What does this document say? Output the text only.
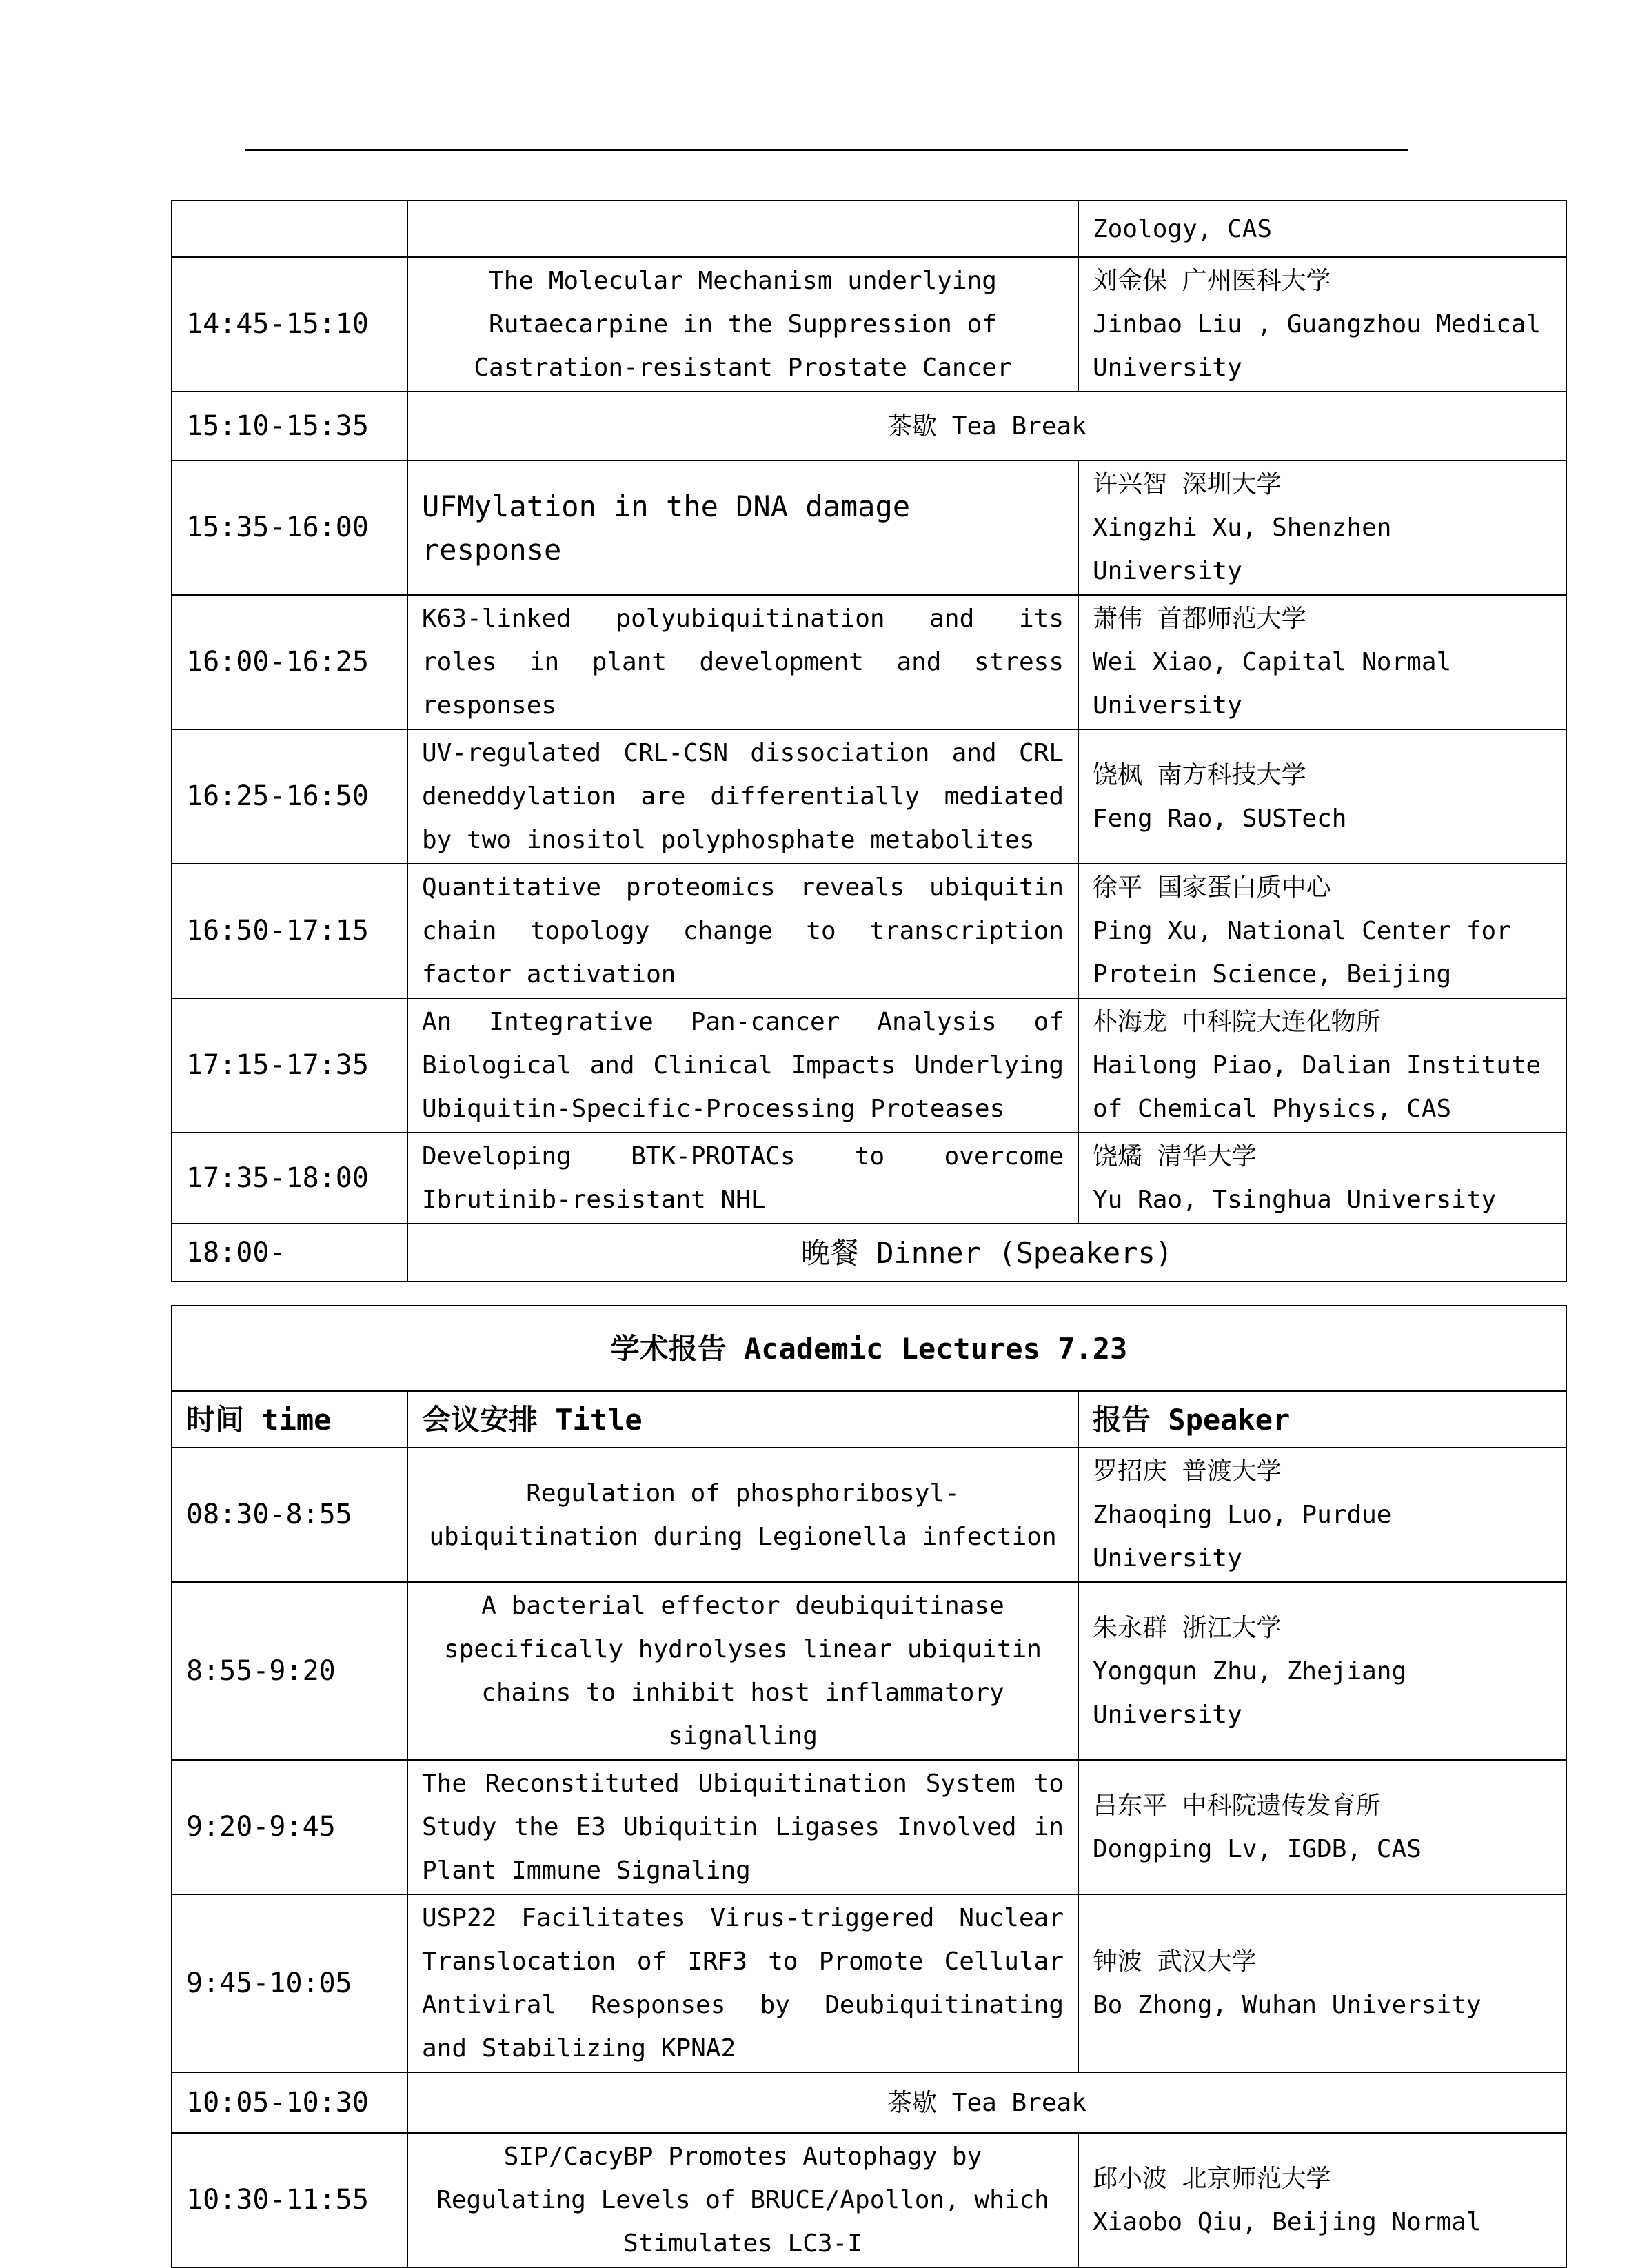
		Zoology, CAS

14:45-15:10	The Molecular Mechanism underlying Rutaecarpine in the Suppression of Castration-resistant Prostate Cancer	刘金保 广州医科大学
Jinbao Liu , Guangzhou Medical University

15:10-15:35	茶歇 Tea Break	
15:35-16:00	UFMylation in the DNA damage response	许兴智 深圳大学
Xingzhi Xu, Shenzhen University

16:00-16:25	K63-linked polyubiquitination and its roles in plant development and stress responses	萧伟 首都师范大学
Wei Xiao, Capital Normal University

16:25-16:50	UV-regulated CRL-CSN dissociation and CRL deneddylation are differentially mediated by two inositol polyphosphate metabolites	饶枫 南方科技大学
Feng Rao, SUSTech

16:50-17:15	Quantitative proteomics reveals ubiquitin chain topology change to transcription factor activation	徐平 国家蛋白质中心
Ping Xu, National Center for Protein Science, Beijing

17:15-17:35	An Integrative Pan-cancer Analysis of Biological and Clinical Impacts Underlying Ubiquitin-Specific-Processing Proteases	朴海龙 中科院大连化物所
Hailong Piao, Dalian Institute of Chemical Physics, CAS

17:35-18:00	Developing BTK-PROTACs to overcome Ibrutinib-resistant NHL	饶燏 清华大学
Yu Rao, Tsinghua University

18:00-	晚餐 Dinner (Speakers)	
学术报告 Academic Lectures 7.23		
时间 time	会议安排 Title	报告 Speaker
08:30-8:55	Regulation of phosphoribosyl-ubiquitination during Legionella infection	罗招庆 普渡大学
Zhaoqing Luo, Purdue University

8:55-9:20	A bacterial effector deubiquitinase specifically hydrolyses linear ubiquitin chains to inhibit host inflammatory signalling	朱永群 浙江大学
Yongqun Zhu, Zhejiang University

9:20-9:45	The Reconstituted Ubiquitination System to Study the E3 Ubiquitin Ligases Involved in Plant Immune Signaling	吕东平 中科院遗传发育所
Dongping Lv, IGDB, CAS

9:45-10:05	USP22 Facilitates Virus-triggered Nuclear Translocation of IRF3 to Promote Cellular Antiviral Responses by Deubiquitinating and Stabilizing KPNA2	钟波 武汉大学
Bo Zhong, Wuhan University

10:05-10:30	茶歇 Tea Break	
10:30-11:55	SIP/CacyBP Promotes Autophagy by Regulating Levels of BRUCE/Apollon, which Stimulates LC3-I	邱小波 北京师范大学
Xiaobo Qiu, Beijing Normal
